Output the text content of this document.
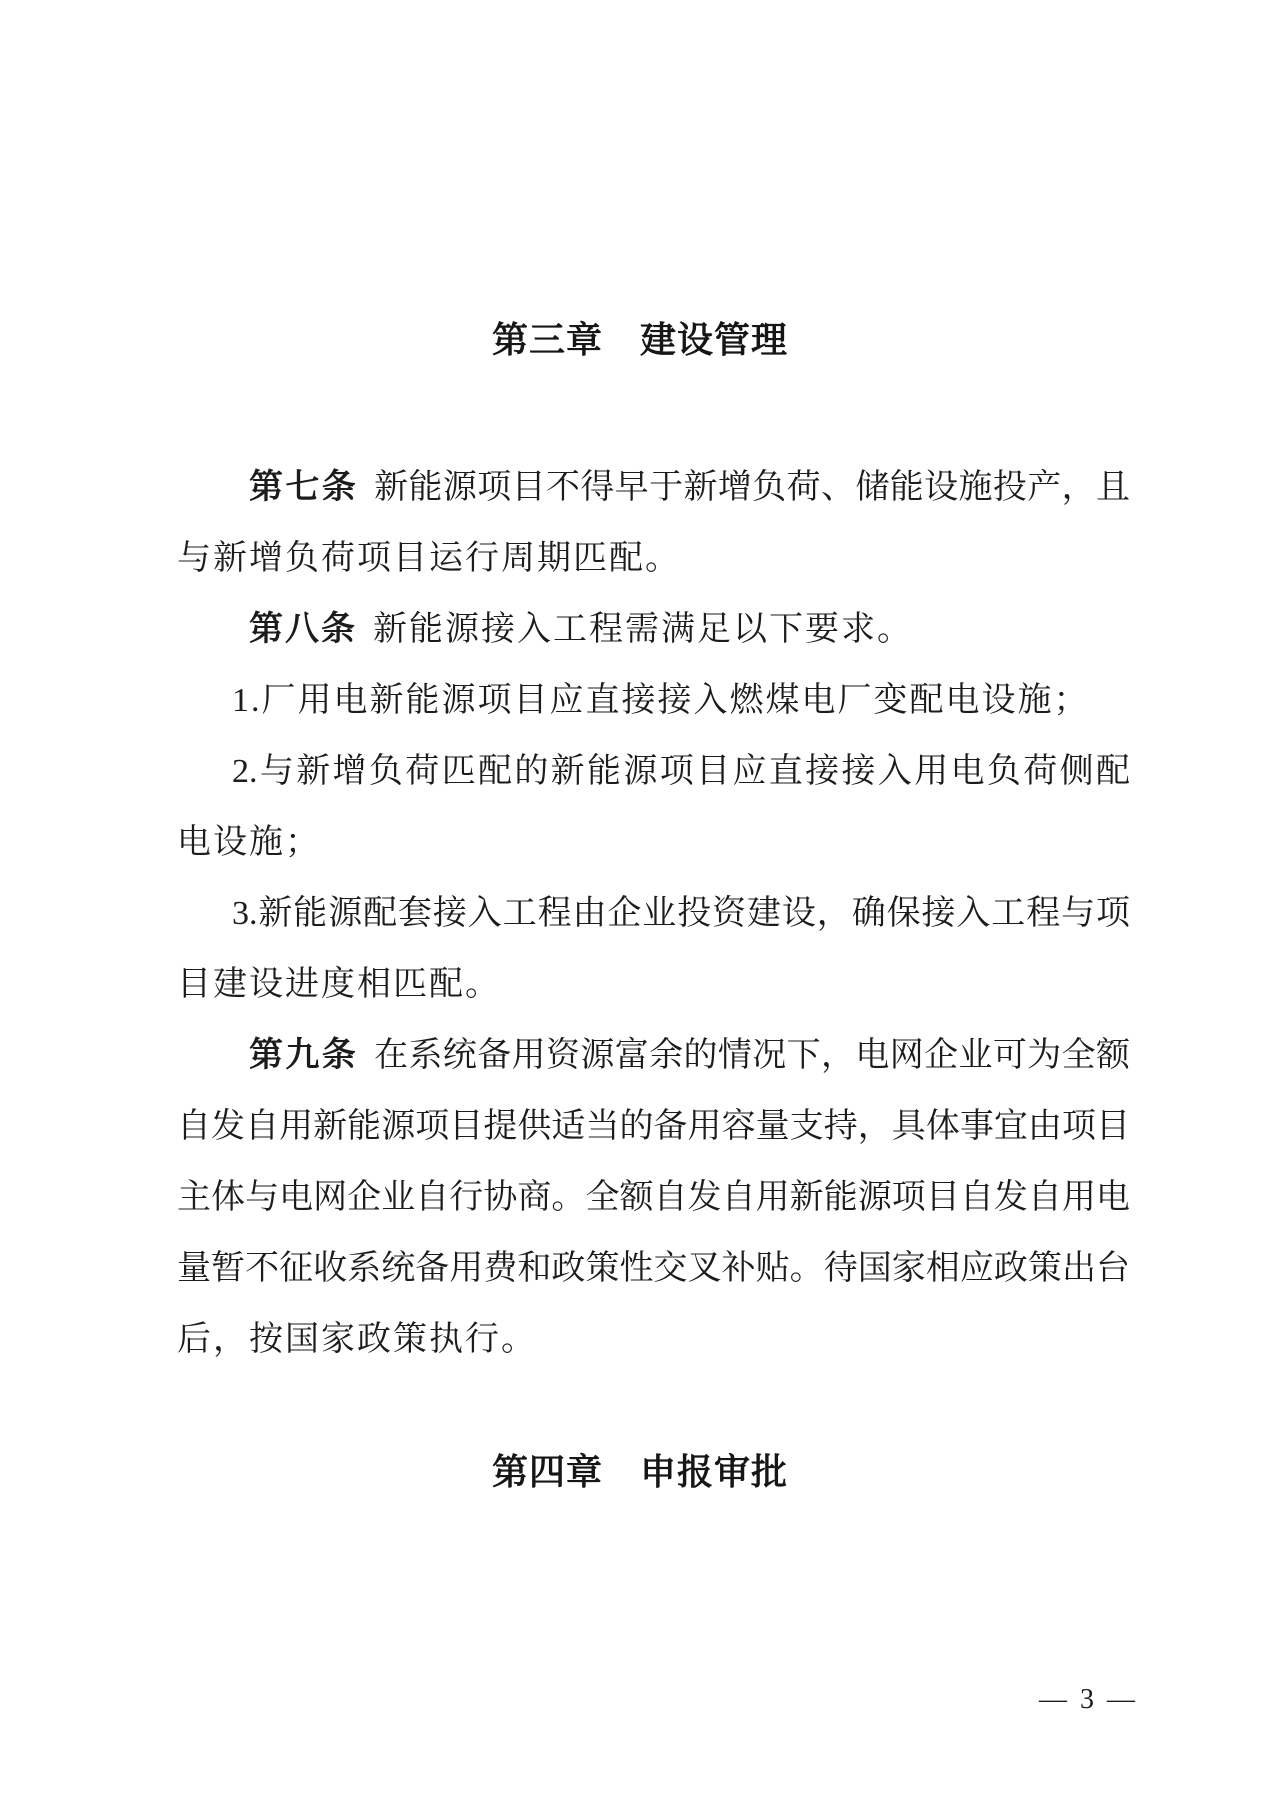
第三章　建设管理
第七条 新能源项目不得早于新增负荷、储能设施投产，且
与新增负荷项目运行周期匹配。
第八条 新能源接入工程需满足以下要求。
1.厂用电新能源项目应直接接入燃煤电厂变配电设施；
2.与新增负荷匹配的新能源项目应直接接入用电负荷侧配
电设施；
3.新能源配套接入工程由企业投资建设，确保接入工程与项
目建设进度相匹配。
第九条 在系统备用资源富余的情况下，电网企业可为全额
自发自用新能源项目提供适当的备用容量支持，具体事宜由项目
主体与电网企业自行协商。全额自发自用新能源项目自发自用电
量暂不征收系统备用费和政策性交叉补贴。待国家相应政策出台
后，按国家政策执行。
第四章　申报审批
— 3 —
